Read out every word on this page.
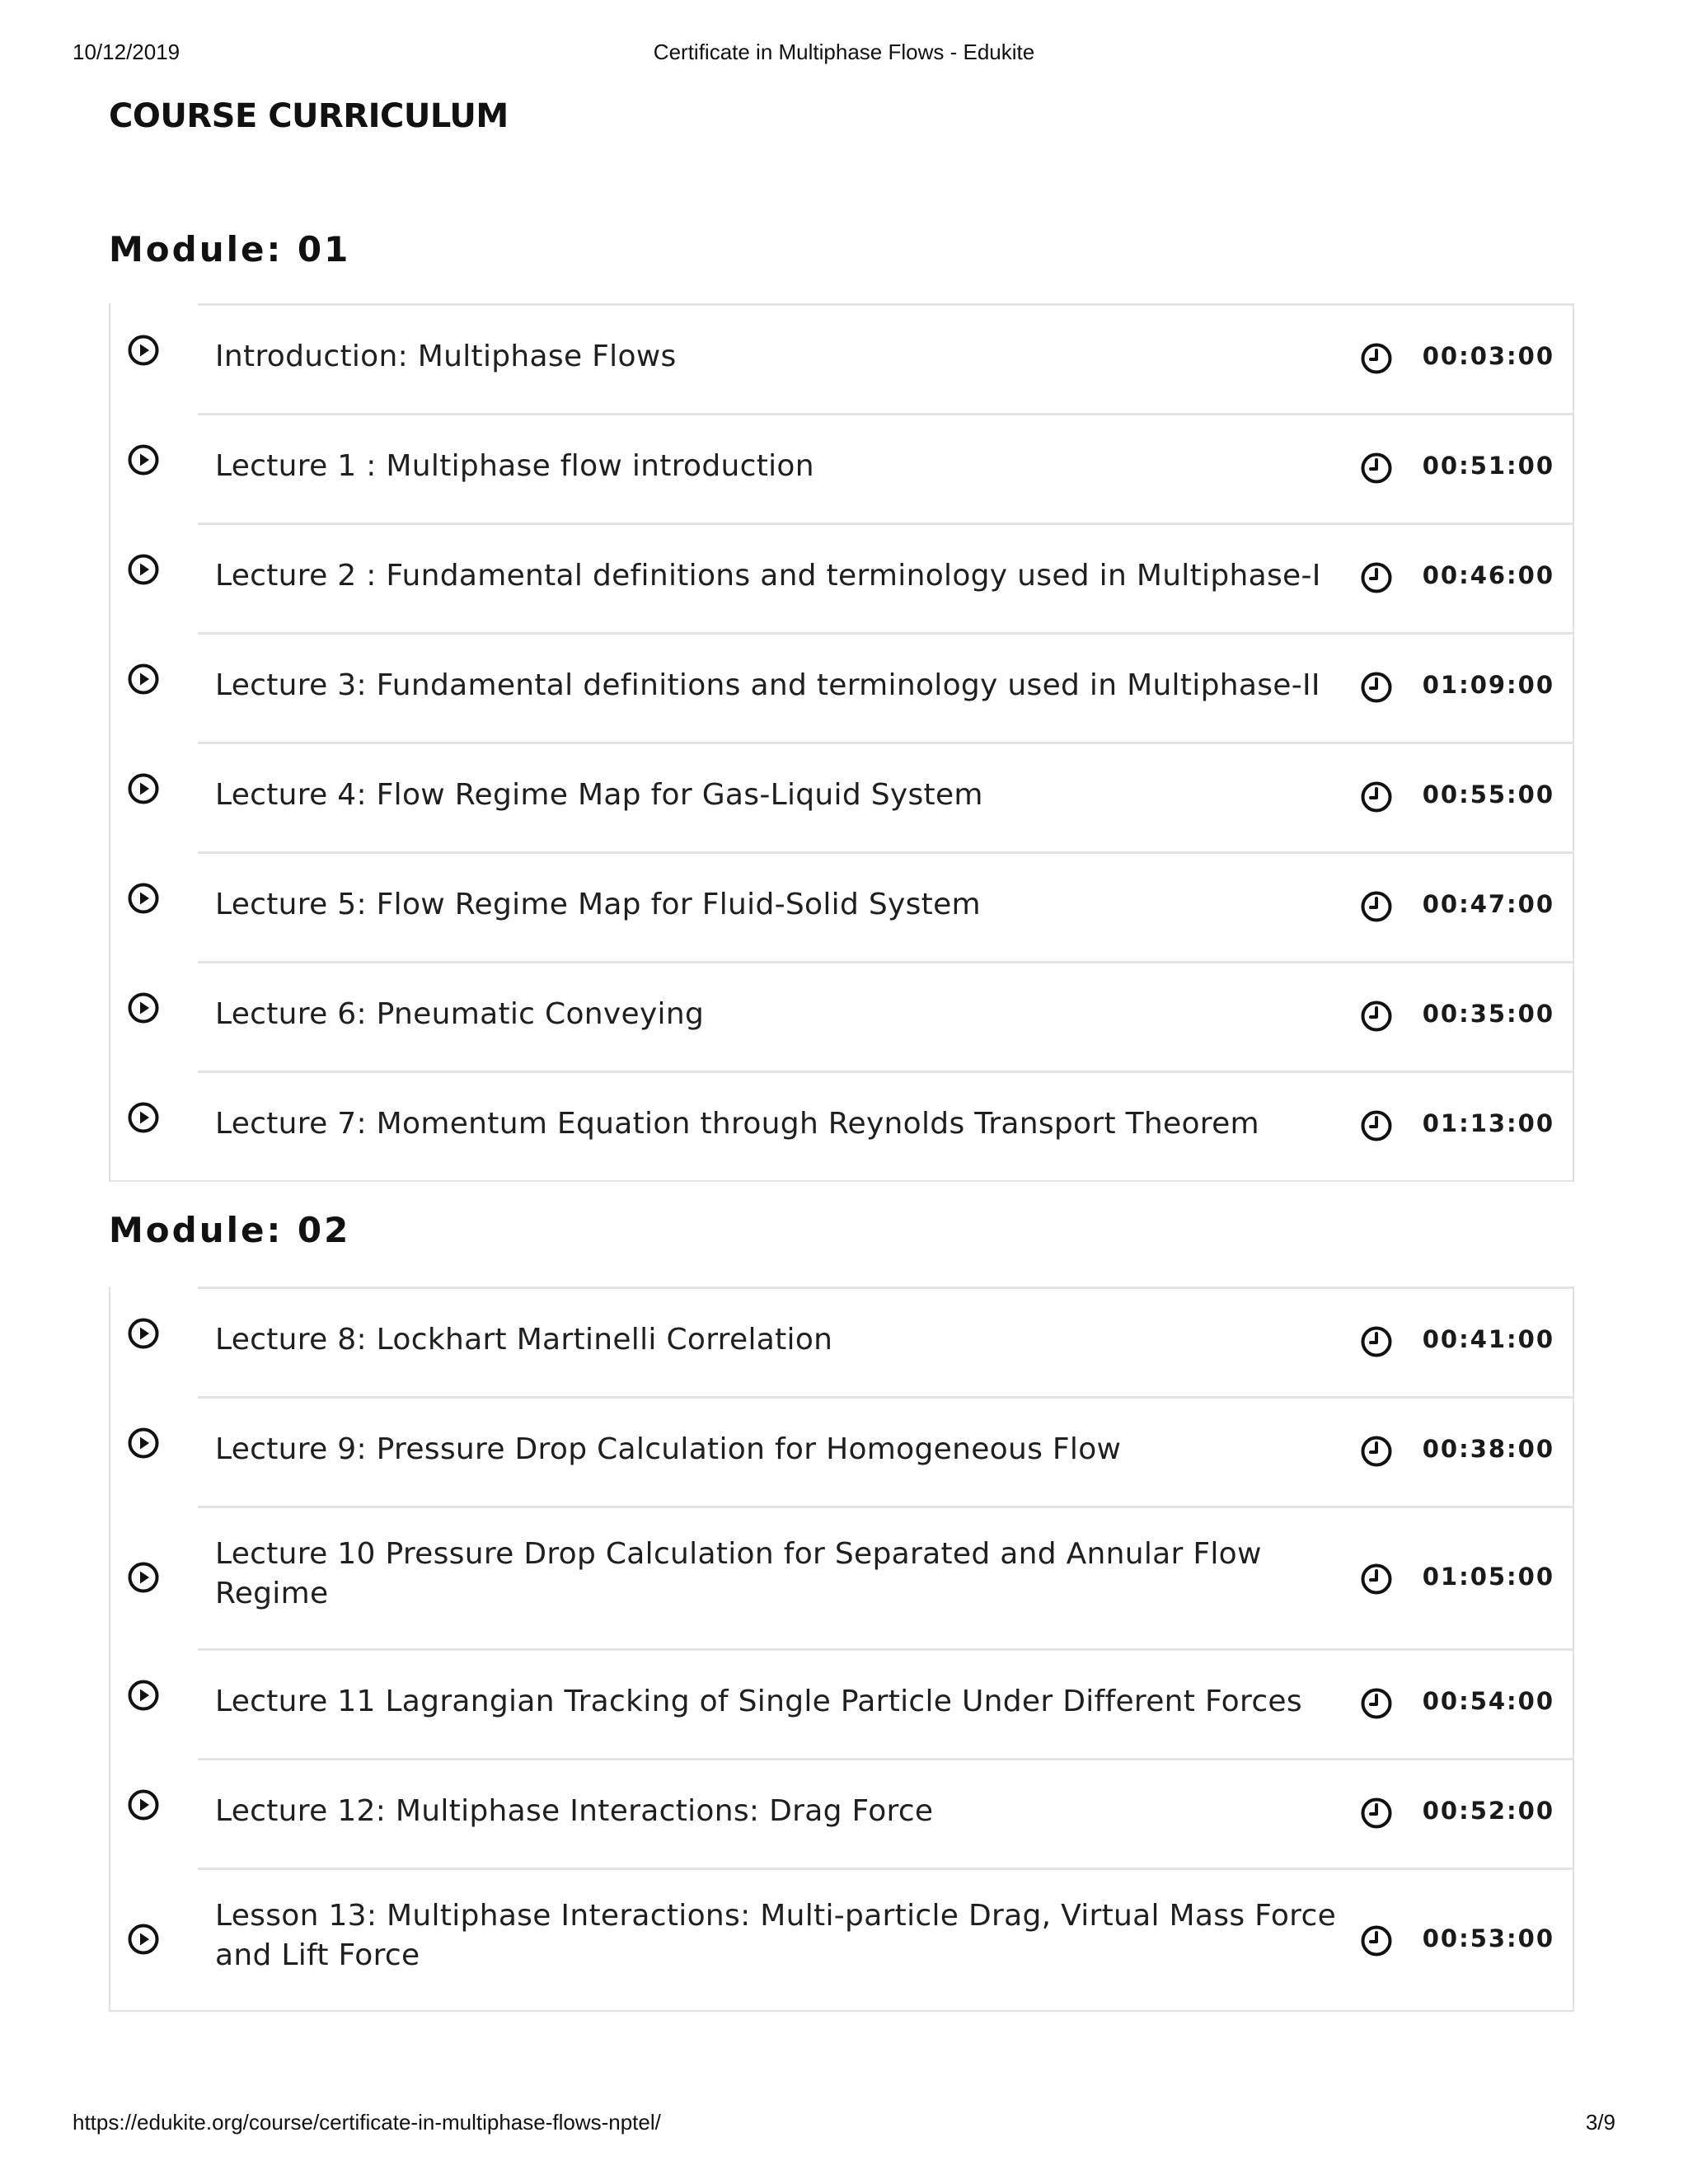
10/12/2019	Certificate in Multiphase Flows - Edukite
COURSE CURRICULUM
Module: 01
Introduction: Multiphase Flows	00:03:00
Lecture 1 : Multiphase flow introduction	00:51:00
Lecture 2 : Fundamental definitions and terminology used in Multiphase-I	00:46:00
Lecture 3: Fundamental definitions and terminology used in Multiphase-II	01:09:00
Lecture 4: Flow Regime Map for Gas-Liquid System	00:55:00
Lecture 5: Flow Regime Map for Fluid-Solid System	00:47:00
Lecture 6: Pneumatic Conveying	00:35:00
Lecture 7: Momentum Equation through Reynolds Transport Theorem	01:13:00
Module: 02
Lecture 8: Lockhart Martinelli Correlation	00:41:00
Lecture 9: Pressure Drop Calculation for Homogeneous Flow	00:38:00
Lecture 10 Pressure Drop Calculation for Separated and Annular Flow Regime	01:05:00
Lecture 11 Lagrangian Tracking of Single Particle Under Different Forces	00:54:00
Lecture 12: Multiphase Interactions: Drag Force	00:52:00
Lesson 13: Multiphase Interactions: Multi-particle Drag, Virtual Mass Force and Lift Force	00:53:00
https://edukite.org/course/certificate-in-multiphase-flows-nptel/	3/9
